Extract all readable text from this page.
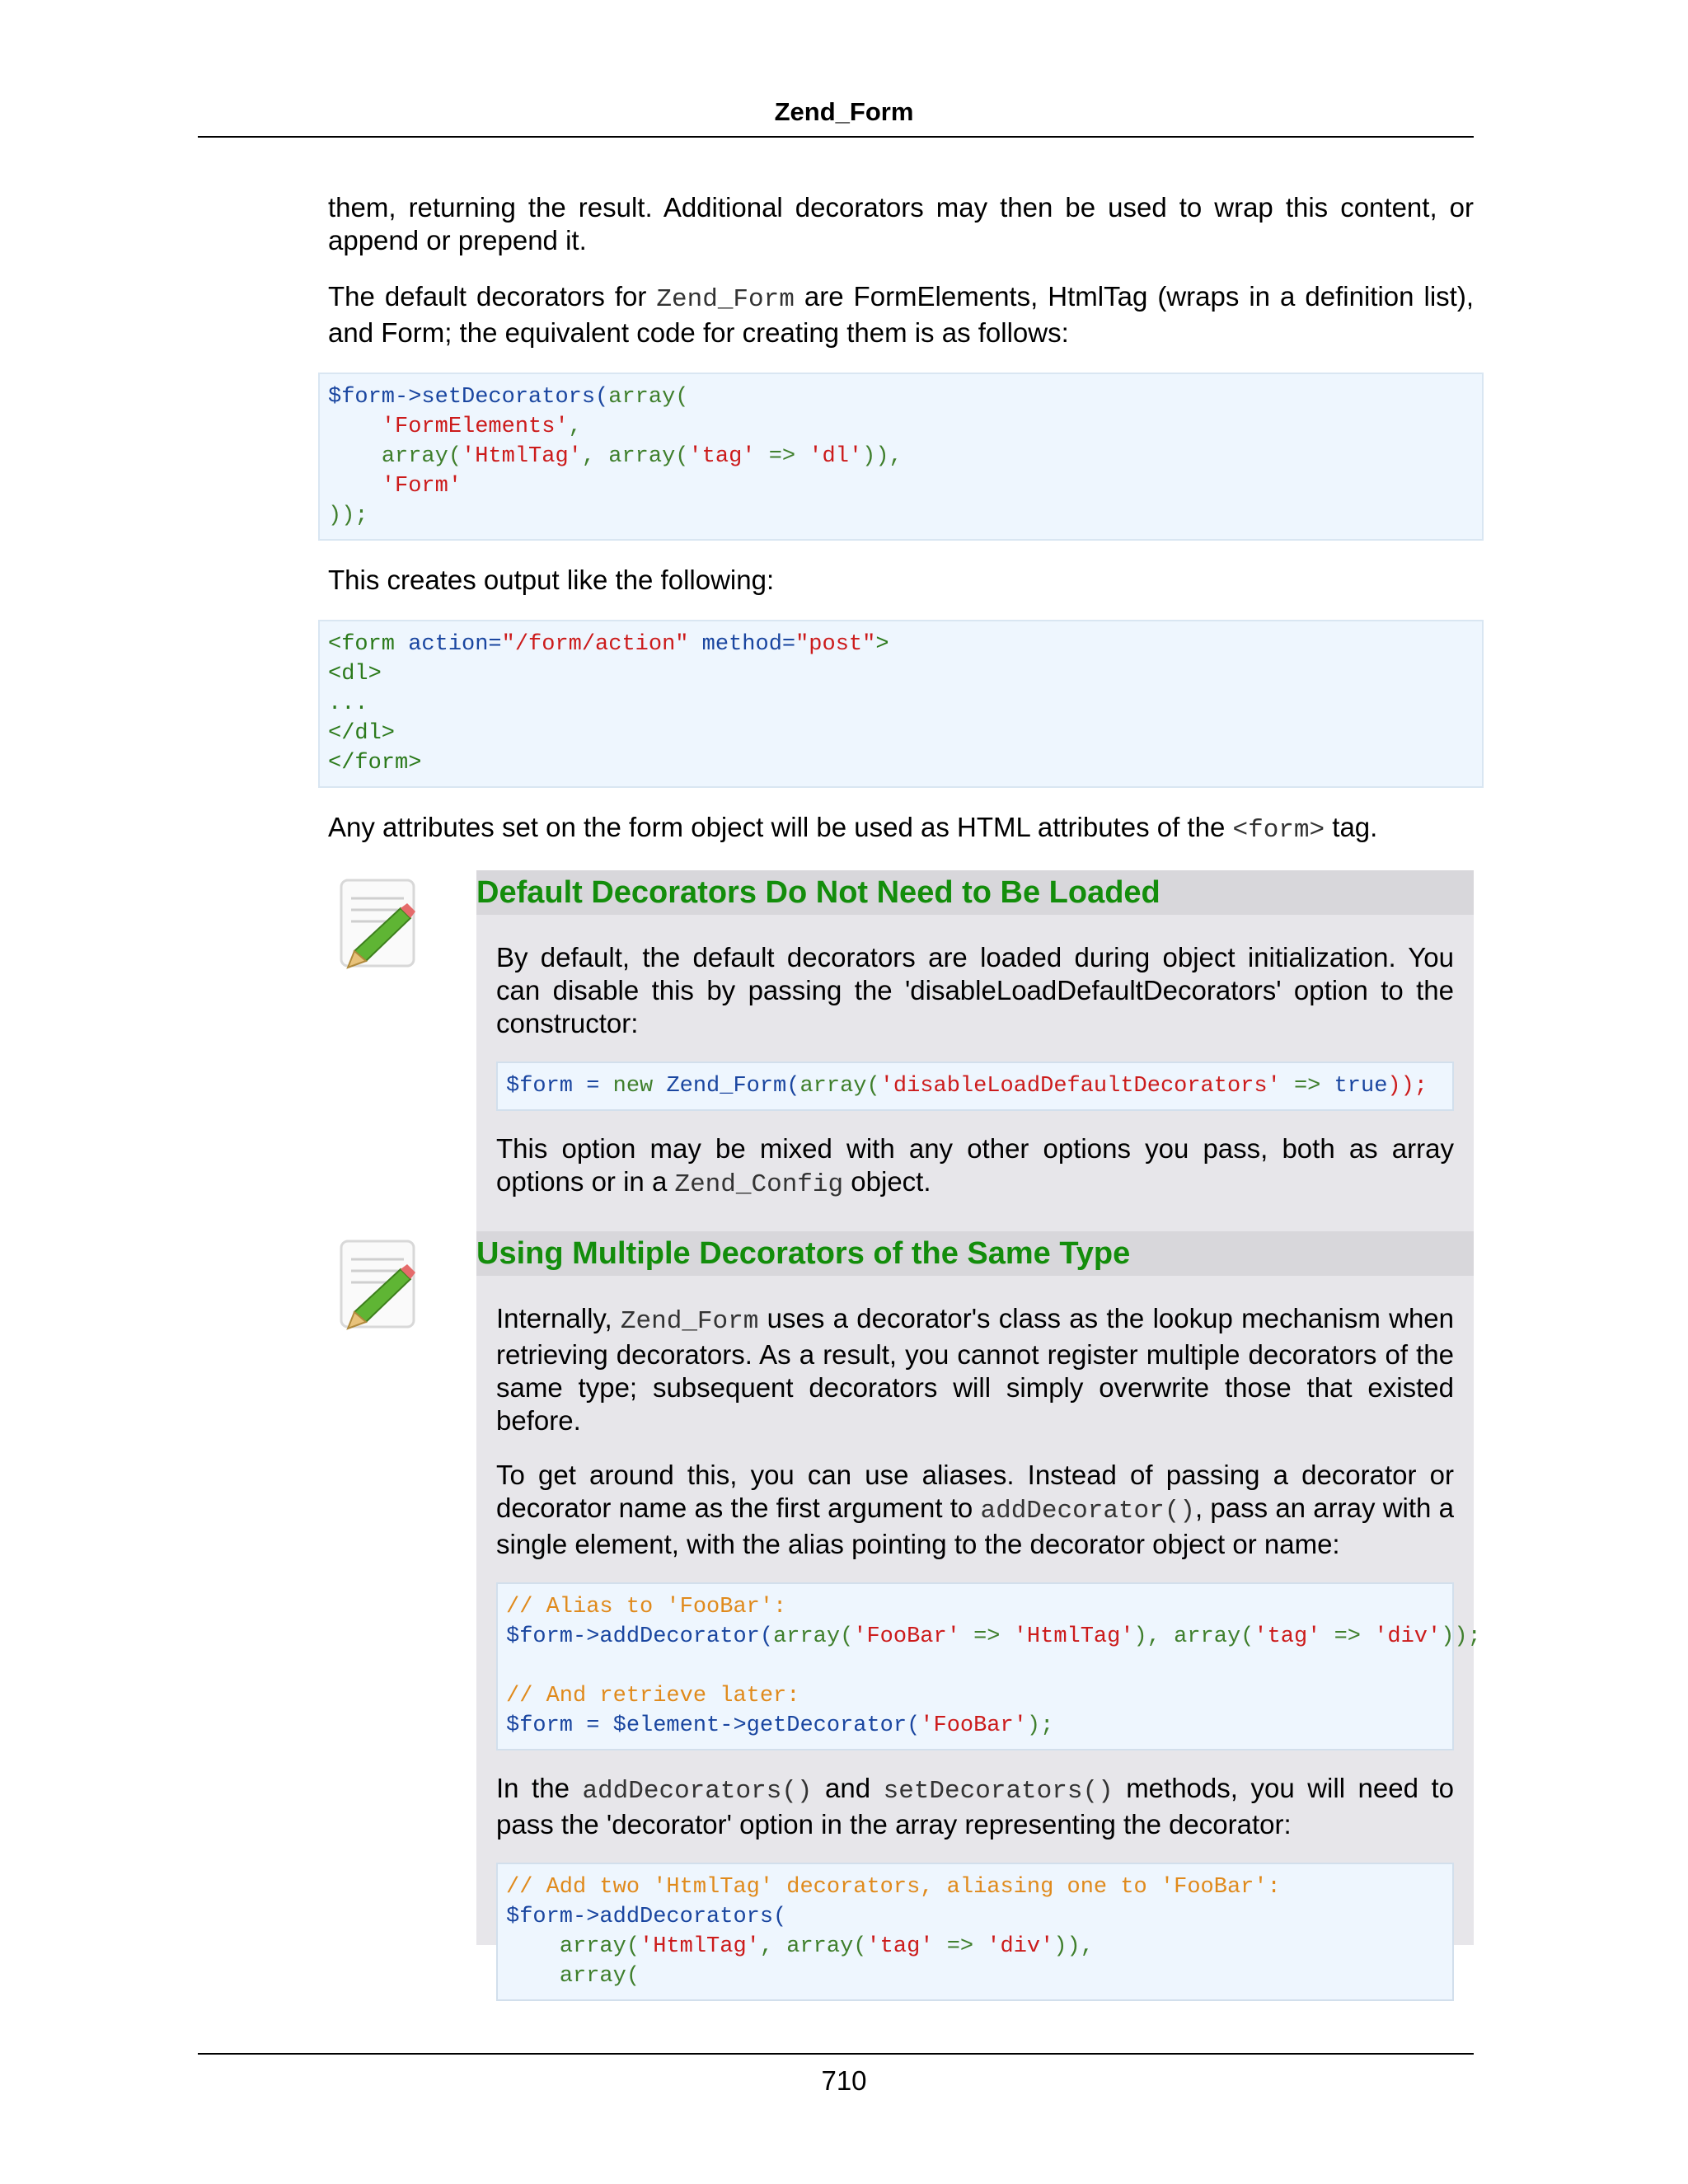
Zend_Form

them, returning the result. Additional decorators may then be used to wrap this content, or append or prepend it.

The default decorators for Zend_Form are FormElements, HtmlTag (wraps in a definition list), and Form; the equivalent code for creating them is as follows:

$form->setDecorators(array(
'FormElements',
array('HtmlTag', array('tag' => 'dl')),
'Form'
));

This creates output like the following:

<form action="/form/action" method="post">
<dl>
...
</dl>
</form>

Any attributes set on the form object will be used as HTML attributes of the <form> tag.

Default Decorators Do Not Need to Be Loaded

By default, the default decorators are loaded during object initialization. You can disable this by passing the 'disableLoadDefaultDecorators' option to the constructor:

$form = new Zend_Form(array('disableLoadDefaultDecorators' => true));

This option may be mixed with any other options you pass, both as array options or in a Zend_Config object.

Using Multiple Decorators of the Same Type

Internally, Zend_Form uses a decorator's class as the lookup mechanism when retrieving decorators. As a result, you cannot register multiple decorators of the same type; subsequent decorators will simply overwrite those that existed before.

To get around this, you can use aliases. Instead of passing a decorator or decorator name as the first argument to addDecorator(), pass an array with a single element, with the alias pointing to the decorator object or name:

// Alias to 'FooBar':
$form->addDecorator(array('FooBar' => 'HtmlTag'), array('tag' => 'div'));

// And retrieve later:
$form = $element->getDecorator('FooBar');

In the addDecorators() and setDecorators() methods, you will need to pass the 'decorator' option in the array representing the decorator:

// Add two 'HtmlTag' decorators, aliasing one to 'FooBar':
$form->addDecorators(
array('HtmlTag', array('tag' => 'div')),
array(

710
